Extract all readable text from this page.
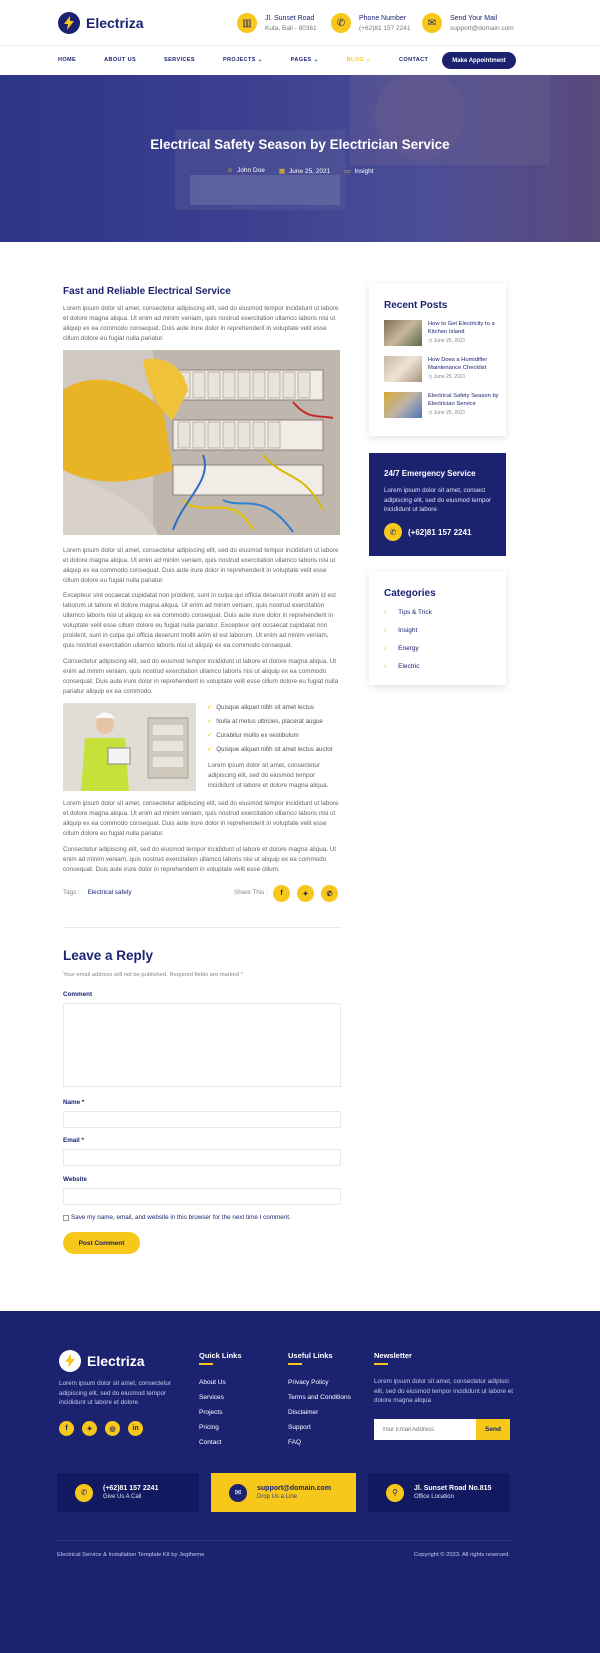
Electriza	▥	Jl. Sunset Road
Kuta, Bali - 80361	✆	Phone Number
(+62)81 157 2241	✉	Send Your Mail
support@domain.com
HOME	ABOUT US	SERVICES	PROJECTS ⌄	PAGES ⌄	BLOG ⌄	CONTACT	Make Appointment
Electrical Safety Season by Electrician Service
☺ John Doe ▦ June 25, 2021 ▭ Insight
Fast and Reliable Electrical Service
Lorem ipsum dolor sit amet, consectetur adipiscing elit, sed do eiusmod tempor incididunt ut labore et dolore magna aliqua. Ut enim ad minim veniam, quis nostrud exercitation ullamco laboris nisi ut aliquip ex ea commodo consequat. Duis aute irure dolor in reprehenderit in voluptate velit esse cillum dolore eu fugiat nulla pariatur.
Lorem ipsum dolor sit amet, consectetur adipiscing elit, sed do eiusmod tempor incididunt ut labore et dolore magna aliqua. Ut enim ad minim veniam, quis nostrud exercitation ullamco laboris nisi ut aliquip ex ea commodo consequat. Duis aute irure dolor in reprehenderit in voluptate velit esse cillum dolore eu fugiat nulla pariatur.
Excepteur sint occaecat cupidatat non proident, sunt in culpa qui officia deserunt mollit anim id est laborum.ut labore et dolore magna aliqua. Ut enim ad minim veniam, quis nostrud exercitation ullamco laboris nisi ut aliquip ex ea commodo consequat. Duis aute irure dolor in reprehenderit in voluptate velit esse cillum dolore eu fugiat nulla pariatur. Excepteur sint occaecat cupidatat non proident, sunt in culpa qui officia deserunt mollit anim id est laborum. Ut enim ad minim veniam, quis nostrud exercitation ullamco laboris nisi ut aliquip ex ea commodo consequat.
Consectetur adipiscing elit, sed do eiusmod tempor incididunt ut labore et dolore magna aliqua. Ut enim ad minim veniam, quis nostrud exercitation ullamco laboris nisi ut aliquip ex ea commodo consequat. Duis aute irure dolor in reprehenderit in voluptate velit esse cillum dolore eu fugiat nulla pariatur aliquip ex ea commodo.
✓ Quisque aliquet nibh sit amet lectus
✓ Nulla at metus ultricies, placerat augue
✓ Curabitur mollis ex vestibulum
✓ Quisque aliquet nibh sit amet lectus auctor
Lorem ipsum dolor sit amet, consectetur adipiscing elit, sed do eiusmod tempor incididunt ut labore et dolore magna aliqua.
Lorem ipsum dolor sit amet, consectetur adipiscing elit, sed do eiusmod tempor incididunt ut labore et dolore magna aliqua. Ut enim ad minim veniam, quis nostrud exercitation ullamco laboris nisi ut aliquip ex ea commodo consequat. Duis aute irure dolor in reprehenderit in voluptate velit esse cillum dolore eu fugiat nulla pariatur.
Consectetur adipiscing elit, sed do eiusmod tempor incididunt ut labore et dolore magna aliqua. Ut enim ad minim veniam, quis nostrud exercitation ullamco laboris nisi ut aliquip ex ea commodo consequat. Duis aute irure dolor in reprehenderit in voluptate velit esse cillum.
Tags : Electrical safety	Share This :	f	✦	✆
Leave a Reply
Your email address will not be published. Required fields are marked *
Comment
Name *
Email *
Website
Save my name, email, and website in this browser for the next time I comment.
Post Comment
Recent Posts
How to Get Electricity to a Kitchen Island
◷ June 25, 2021
How Does a Humidifier Maintenance Checklist
◷ June 25, 2021
Electrical Safety Season by Electrician Service
◷ June 25, 2021
24/7 Emergency Service
Lorem ipsum dolor sit amet, consect adipiscing elit, sed do eiusmod tempor incididunt ut labore
✆	(+62)81 157 2241
Categories
› Tips & Trick
› Insight
› Energy
› Electric
Electriza
Lorem ipsum dolor sit amet, consectetur adipiscing elit, sed do eiusmod tempor incididunt ut labore et dolore
f	✦	◎	in
Quick Links
About Us
Services
Projects
Pricing
Contact
Useful Links
Privacy Policy
Terms and Conditions
Disclaimer
Support
FAQ
Newsletter
Lorem ipsum dolor sit amet, consectetur adipisci elit, sed do eiusmod tempor incididunt ut labore et dolore magna aliqua
Your Email Address
Send
✆	(+62)81 157 2241
Give Us A Call	✉	support@domain.com
Drop Us a Line	⚲	Jl. Sunset Road No.815
Office Location
Electrical Service & Installation Template Kit by Jegtheme	Copyright © 2023. All rights reserved.
